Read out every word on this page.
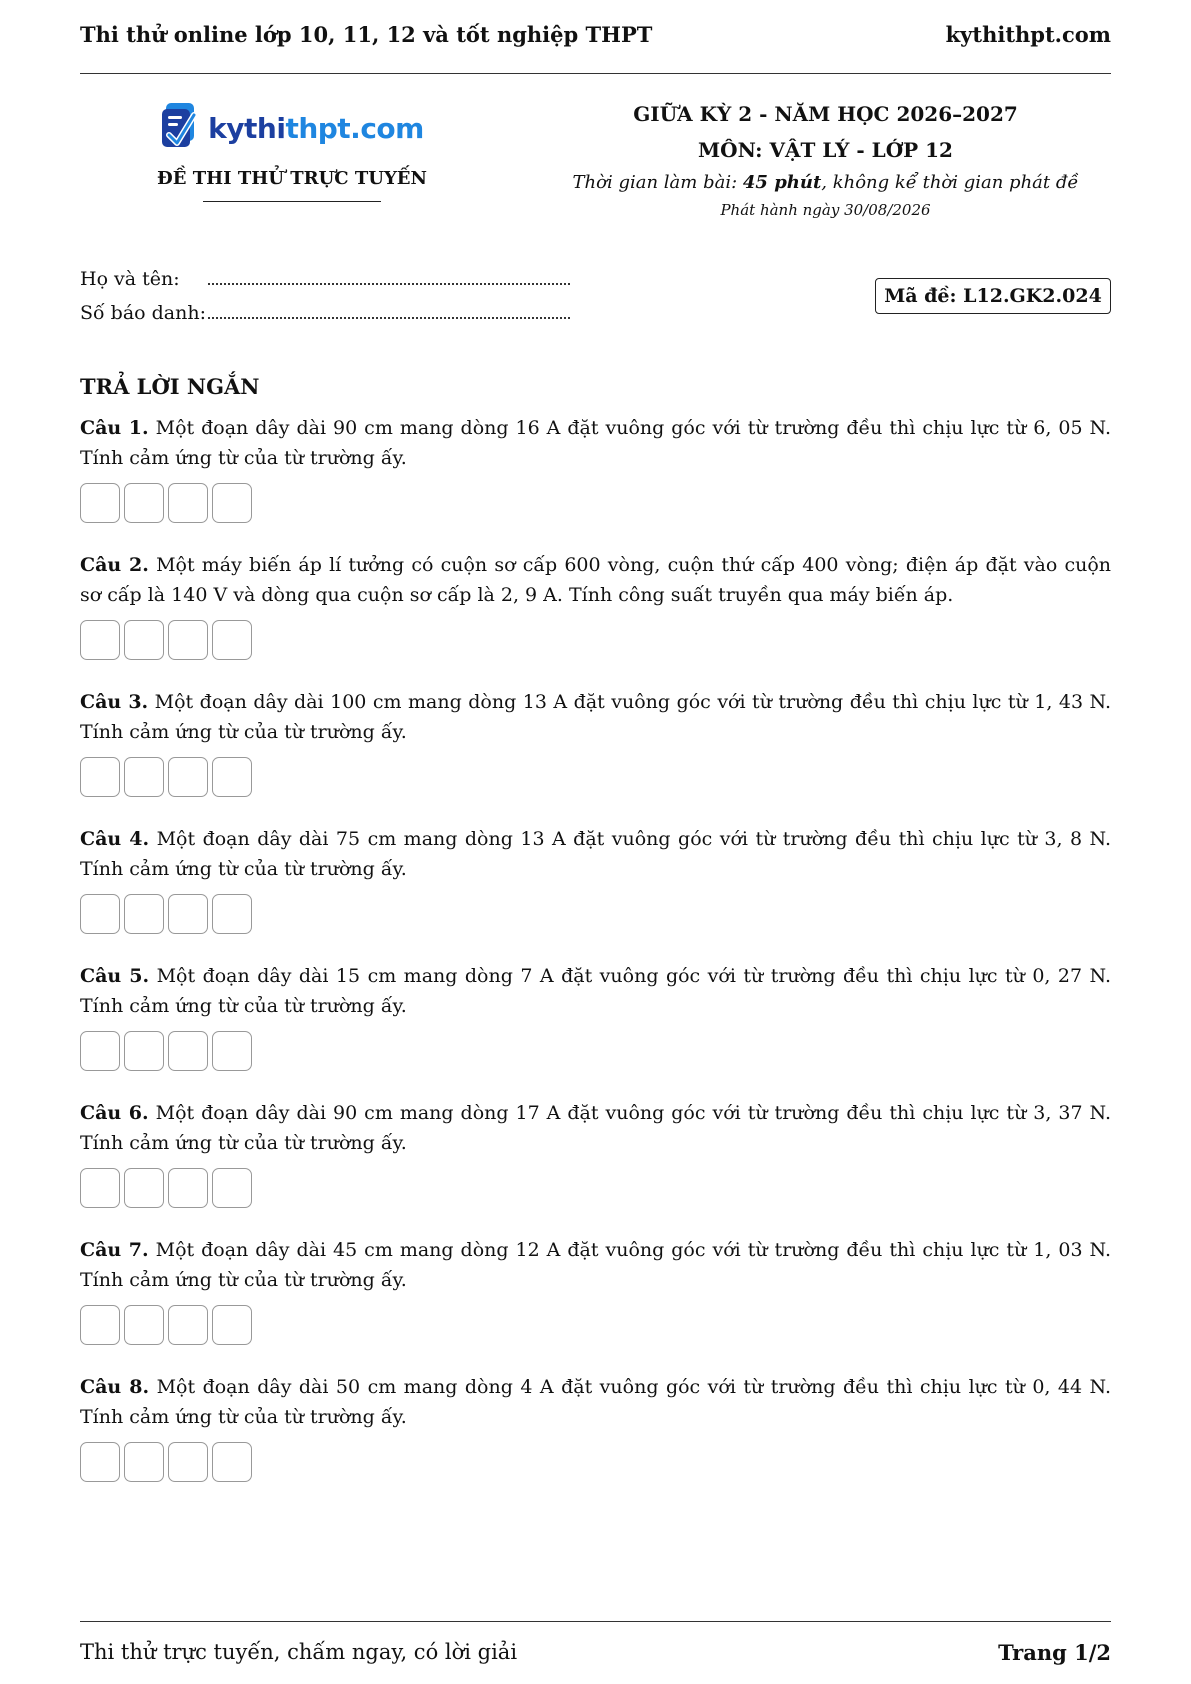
Thi thử online lớp 10, 11, 12 và tốt nghiệp THPT	kythithpt.com
kythithpt.com
ĐỀ THI THỬ TRỰC TUYẾN
GIỮA KỲ 2 - NĂM HỌC 2026–2027
MÔN: VẬT LÝ - LỚP 12
Thời gian làm bài: 45 phút, không kể thời gian phát đề
Phát hành ngày 30/08/2026
Họ và tên:
Số báo danh:
Mã đề: L12.GK2.024
TRẢ LỜI NGẮN
Câu 1. Một đoạn dây dài 90 cm mang dòng 16 A đặt vuông góc với từ trường đều thì chịu lực từ 6, 05 N. Tính cảm ứng từ của từ trường ấy.
Câu 2. Một máy biến áp lí tưởng có cuộn sơ cấp 600 vòng, cuộn thứ cấp 400 vòng; điện áp đặt vào cuộn sơ cấp là 140 V và dòng qua cuộn sơ cấp là 2, 9 A. Tính công suất truyền qua máy biến áp.
Câu 3. Một đoạn dây dài 100 cm mang dòng 13 A đặt vuông góc với từ trường đều thì chịu lực từ 1, 43 N. Tính cảm ứng từ của từ trường ấy.
Câu 4. Một đoạn dây dài 75 cm mang dòng 13 A đặt vuông góc với từ trường đều thì chịu lực từ 3, 8 N. Tính cảm ứng từ của từ trường ấy.
Câu 5. Một đoạn dây dài 15 cm mang dòng 7 A đặt vuông góc với từ trường đều thì chịu lực từ 0, 27 N. Tính cảm ứng từ của từ trường ấy.
Câu 6. Một đoạn dây dài 90 cm mang dòng 17 A đặt vuông góc với từ trường đều thì chịu lực từ 3, 37 N. Tính cảm ứng từ của từ trường ấy.
Câu 7. Một đoạn dây dài 45 cm mang dòng 12 A đặt vuông góc với từ trường đều thì chịu lực từ 1, 03 N. Tính cảm ứng từ của từ trường ấy.
Câu 8. Một đoạn dây dài 50 cm mang dòng 4 A đặt vuông góc với từ trường đều thì chịu lực từ 0, 44 N. Tính cảm ứng từ của từ trường ấy.
Thi thử trực tuyến, chấm ngay, có lời giải	Trang 1/2
